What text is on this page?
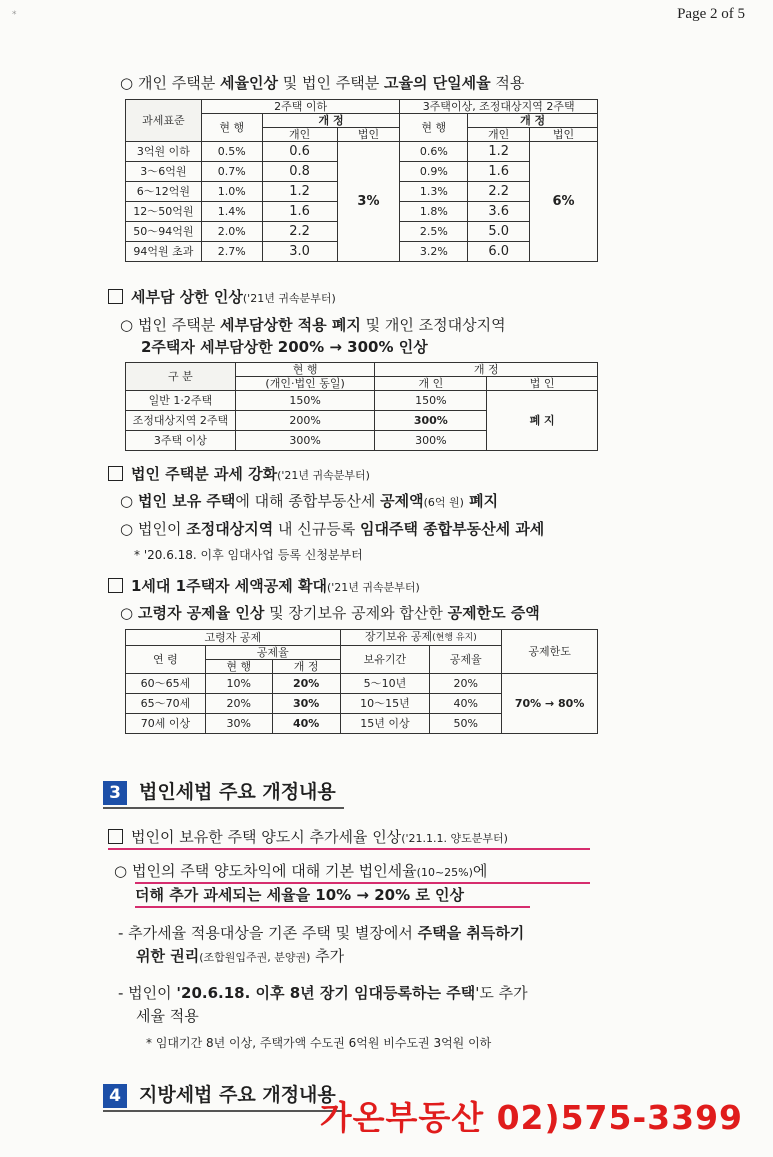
*	Page 2 of 5
○ 개인 주택분 세율인상 및 법인 주택분 고율의 단일세율 적용
과세표준	2주택 이하			3주택이상, 조정대상지역 2주택		
	현 행	개 정		현 행	개 정	
		개인	법인		개인	법인
3억원 이하	0.5%	0.6	3%	0.6%	1.2	6%
3～6억원	0.7%	0.8		0.9%	1.6	
6～12억원	1.0%	1.2		1.3%	2.2	
12～50억원	1.4%	1.6		1.8%	3.6	
50～94억원	2.0%	2.2		2.5%	5.0	
94억원 초과	2.7%	3.0		3.2%	6.0	
세부담 상한 인상('21년 귀속분부터)
○ 법인 주택분 세부담상한 적용 폐지 및 개인 조정대상지역
2주택자 세부담상한 200% → 300% 인상
구 분	현 행	개 정	
	(개인·법인 동일)	개 인	법 인
일반 1·2주택	150%	150%	폐 지
조정대상지역 2주택	200%	300%	
3주택 이상	300%	300%	
법인 주택분 과세 강화('21년 귀속분부터)
○ 법인 보유 주택에 대해 종합부동산세 공제액(6억 원) 폐지
○ 법인이 조정대상지역 내 신규등록 임대주택 종합부동산세 과세
* '20.6.18. 이후 임대사업 등록 신청분부터
1세대 1주택자 세액공제 확대('21년 귀속분부터)
○ 고령자 공제율 인상 및 장기보유 공제와 합산한 공제한도 증액
고령자 공제			장기보유 공제(현행 유지)		공제한도
연 령	공제율		보유기간	공제율	
	현 행	개 정			
60～65세	10%	20%	5～10년	20%	70% → 80%
65～70세	20%	30%	10～15년	40%	
70세 이상	30%	40%	15년 이상	50%	
3 법인세법 주요 개정내용
법인이 보유한 주택 양도시 추가세율 인상('21.1.1. 양도분부터)
○ 법인의 주택 양도차익에 대해 기본 법인세율(10~25%)에
더해 추가 과세되는 세율을 10% → 20% 로 인상
- 추가세율 적용대상을 기존 주택 및 별장에서 주택을 취득하기
위한 권리(조합원입주권, 분양권) 추가
- 법인이 '20.6.18. 이후 8년 장기 임대등록하는 주택'도 추가
세율 적용
* 임대기간 8년 이상, 주택가액 수도권 6억원 비수도권 3억원 이하
4 지방세법 주요 개정내용
가온부동산 02)575-3399
